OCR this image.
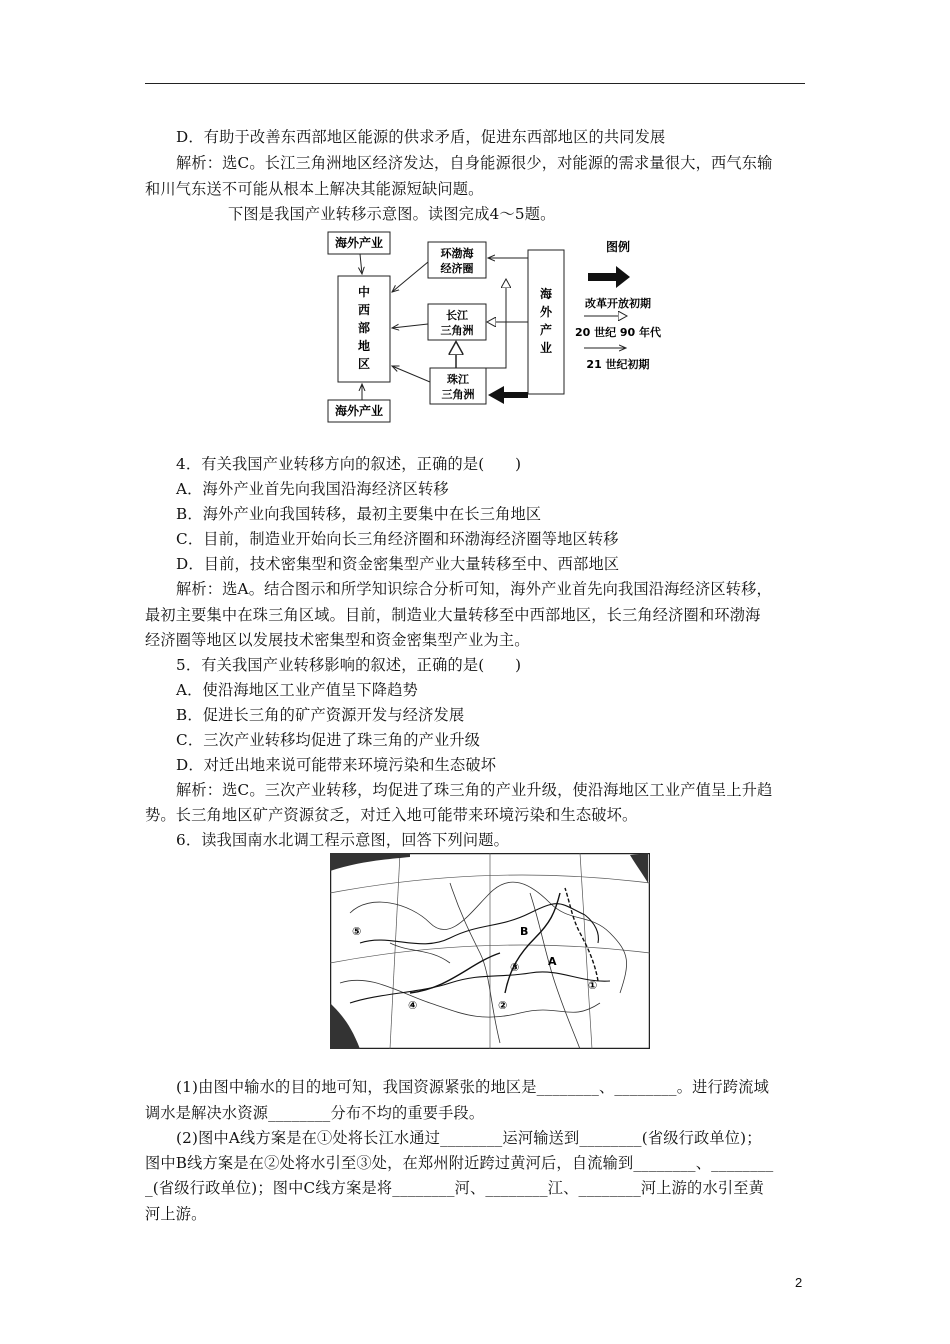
D．有助于改善东西部地区能源的供求矛盾，促进东西部地区的共同发展
解析：选C。长江三角洲地区经济发达，自身能源很少，对能源的需求量很大，西气东输
和川气东送不可能从根本上解决其能源短缺问题。
下图是我国产业转移示意图。读图完成4～5题。
海外产业
中
西
部
地
区
海外产业
环渤海
经济圈
长江
三角洲
珠江
三角洲
海
外
产
业
图例
改革开放初期
20 世纪 90 年代
21 世纪初期
4．有关我国产业转移方向的叙述，正确的是(　　)
A．海外产业首先向我国沿海经济区转移
B．海外产业向我国转移，最初主要集中在长三角地区
C．目前，制造业开始向长三角经济圈和环渤海经济圈等地区转移
D．目前，技术密集型和资金密集型产业大量转移至中、西部地区
解析：选A。结合图示和所学知识综合分析可知，海外产业首先向我国沿海经济区转移，
最初主要集中在珠三角区域。目前，制造业大量转移至中西部地区，长三角经济圈和环渤海
经济圈等地区以发展技术密集型和资金密集型产业为主。
5．有关我国产业转移影响的叙述，正确的是(　　)
A．使沿海地区工业产值呈下降趋势
B．促进长三角的矿产资源开发与经济发展
C．三次产业转移均促进了珠三角的产业升级
D．对迁出地来说可能带来环境污染和生态破坏
解析：选C。三次产业转移，均促进了珠三角的产业升级，使沿海地区工业产值呈上升趋
势。长三角地区矿产资源贫乏，对迁入地可能带来环境污染和生态破坏。
6．读我国南水北调工程示意图，回答下列问题。
⑤
④	②
③
①
A
B
(1)由图中输水的目的地可知，我国资源紧张的地区是________、________。进行跨流域
调水是解决水资源________分布不均的重要手段。
(2)图中A线方案是在①处将长江水通过________运河输送到________(省级行政单位)；
图中B线方案是在②处将水引至③处，在郑州附近跨过黄河后，自流输到________、________
_(省级行政单位)；图中C线方案是将________河、________江、________河上游的水引至黄
河上游。
2
